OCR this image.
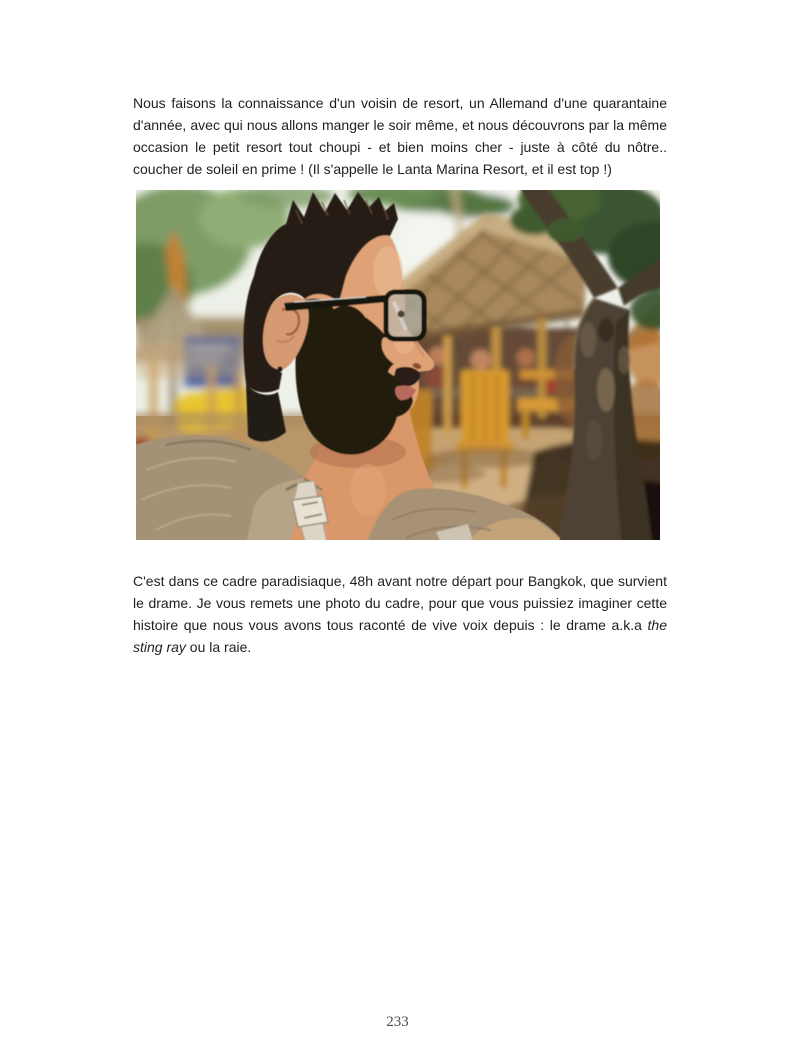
Nous faisons la connaissance d'un voisin de resort, un Allemand d'une quarantaine d'année, avec qui nous allons manger le soir même, et nous découvrons par la même occasion le petit resort tout choupi - et bien moins cher - juste à côté du nôtre.. coucher de soleil en prime ! (Il s'appelle le Lanta Marina Resort, et il est top !)

C'est dans ce cadre paradisiaque, 48h avant notre départ pour Bangkok, que survient le drame. Je vous remets une photo du cadre, pour que vous puissiez imaginer cette histoire que nous vous avons tous raconté de vive voix depuis : le drame a.k.a the sting ray ou la raie.

233
